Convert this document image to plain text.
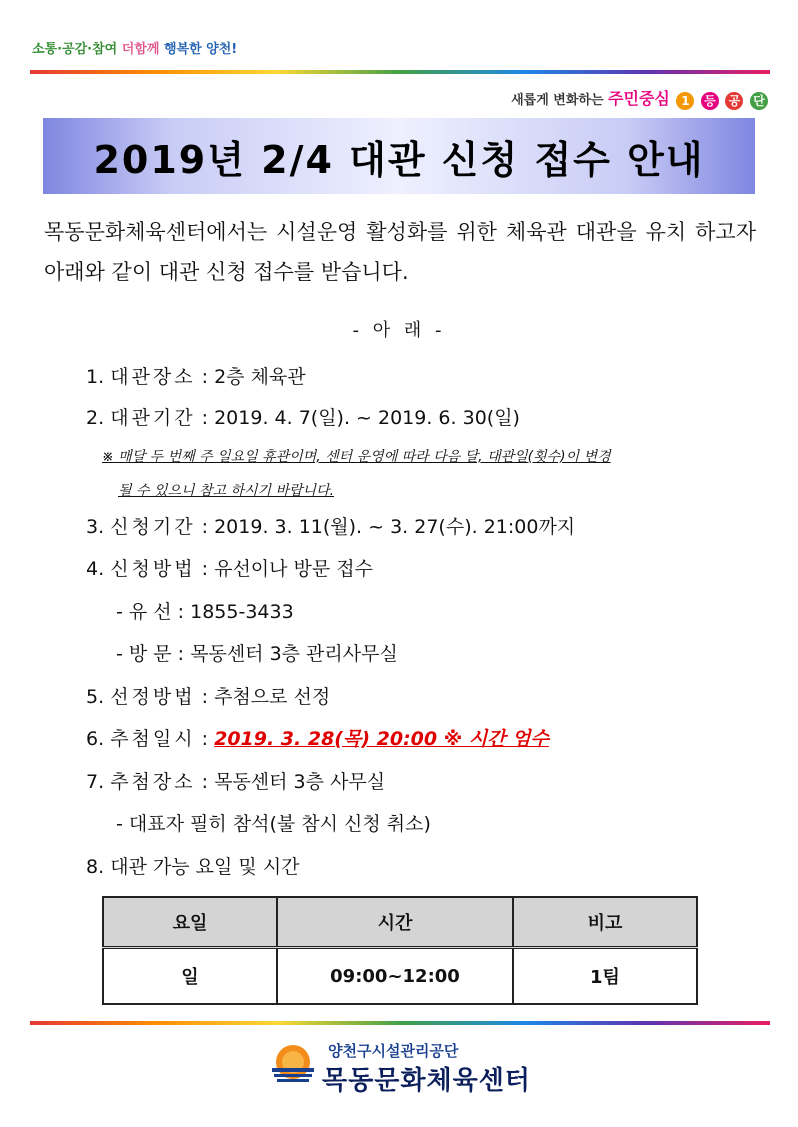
소통·공감·참여 더함께 행복한 양천!
새롭게 변화하는 주민중심 1 등 공 단
2019년 2/4 대관 신청 접수 안내
목동문화체육센터에서는 시설운영 활성화를 위한 체육관 대관을 유치 하고자 아래와 같이 대관 신청 접수를 받습니다.
- 아 래 -
1. 대관장소 : 2층 체육관
2. 대관기간 : 2019. 4. 7(일). ~ 2019. 6. 30(일)
※ 매달 두 번째 주 일요일 휴관이며, 센터 운영에 따라 다음 달, 대관일(횟수)이 변경
될 수 있으니 참고 하시기 바랍니다.
3. 신청기간 : 2019. 3. 11(월). ~ 3. 27(수). 21:00까지
4. 신청방법 : 유선이나 방문 접수
- 유 선 : 1855-3433
- 방 문 : 목동센터 3층 관리사무실
5. 선정방법 : 추첨으로 선정
6. 추첨일시 : 2019. 3. 28(목) 20:00 ※ 시간 엄수
7. 추첨장소 : 목동센터 3층 사무실
- 대표자 필히 참석(불 참시 신청 취소)
8. 대관 가능 요일 및 시간
요일	시간	비고
일	09:00~12:00	1팀
양천구시설관리공단
목동문화체육센터
